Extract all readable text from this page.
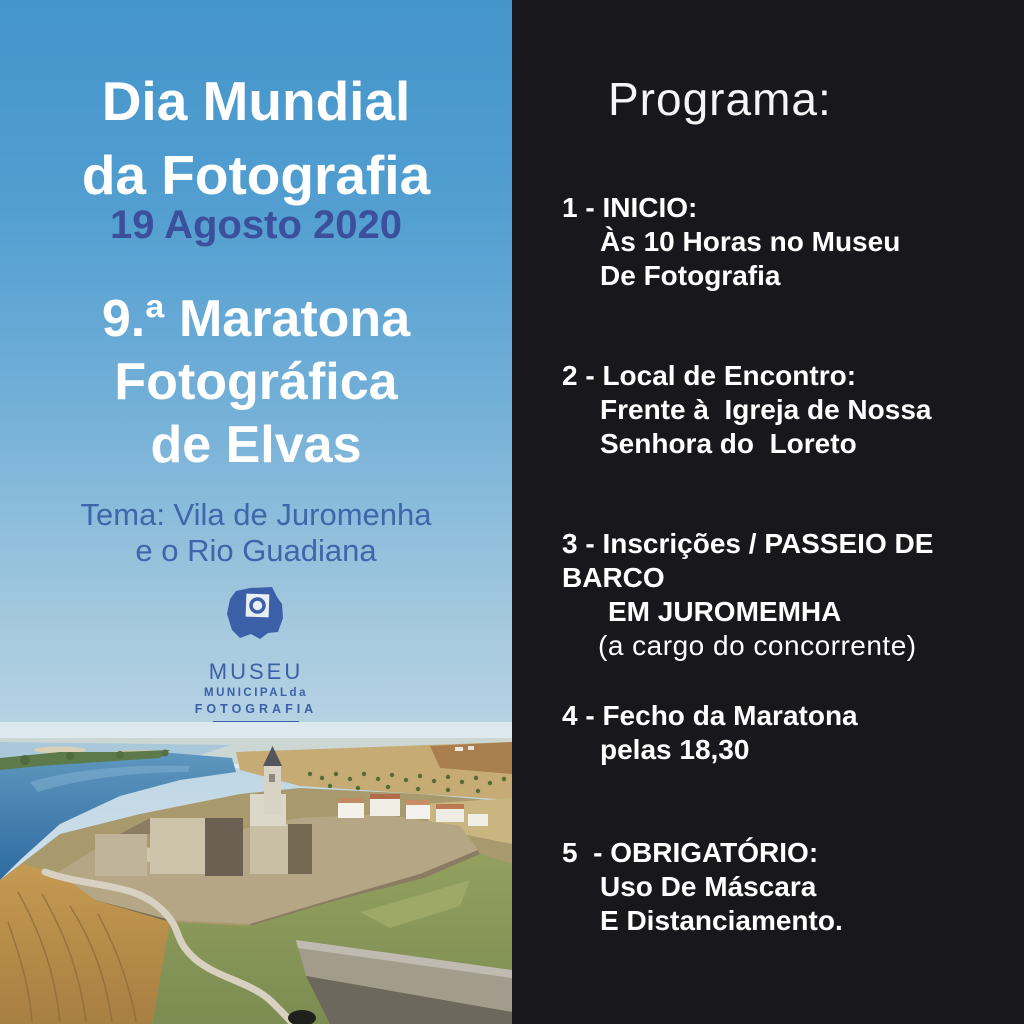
Dia Mundial
da Fotografia
19 Agosto 2020
9.ª Maratona
Fotográfica
de Elvas
Tema: Vila de Juromenha
e o Rio Guadiana
MUSEU
MUNICIPALda
FOTOGRAFIA
Programa:
1 - INICIO:
Às 10 Horas no Museu
De Fotografia
2 - Local de Encontro:
Frente à  Igreja de Nossa
Senhora do  Loreto
3 - Inscrições / PASSEIO DE BARCO
EM JUROMEMHA
(a cargo do concorrente)
4 - Fecho da Maratona
pelas 18,30
5  - OBRIGATÓRIO:
Uso De Máscara
E Distanciamento.
